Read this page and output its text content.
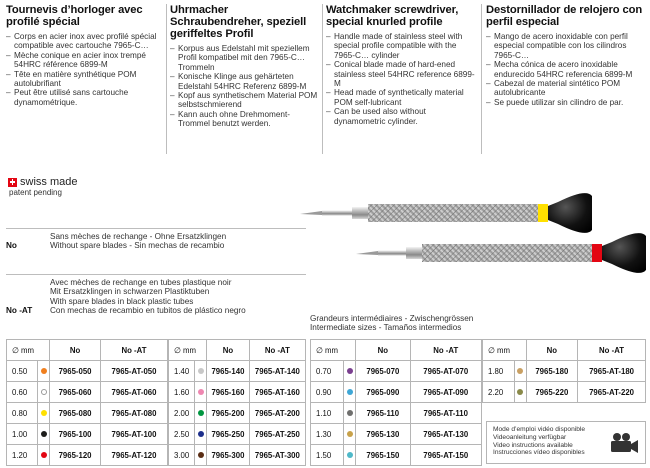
Tournevis d’horloger avec profilé spécial
– Corps en acier inox avec profilé spécial compatible avec cartouche 7965-C…
– Mèche conique en acier inox trempé 54HRC référence 6899-M
– Tête en matière synthétique POM autolubrifiant
– Peut être utilisé sans cartouche dynamométrique.
Uhrmacher Schraubendreher, speziell geriffeltes Profil
– Korpus aus Edelstahl mit speziellem Profil kompatibel mit den 7965-C… Trommeln
– Konische Klinge aus gehärteten Edelstahl 54HRC Referenz 6899-M
– Kopf aus synthetischem Material POM selbstschmierend
– Kann auch ohne Drehmoment-Trommel benutzt werden.
Watchmaker screwdriver, special knurled profile
– Handle made of stainless steel with special profile compatible with the 7965-C… cylinder
– Conical blade made of hard-ened stainless steel 54HRC reference 6899-M
– Head made of synthetically material POM self-lubricant
– Can be used also without dynamometric cylinder.
Destornillador de relojero con perfil especial
– Mango de acero inoxidable con perfil especial compatible con los cilindros 7965-C…
– Mecha cónica de acero inoxidable endurecido 54HRC referencia 6899-M
– Cabezal de material sintético POM autolubricante
– Se puede utilizar sin cilindro de par.
swiss made
patent pending
No
Sans mèches de rechange - Ohne Ersatzklingen
Without spare blades - Sin mechas de recambio
No -AT
Avec mèches de rechange en tubes plastique noir
Mit Ersatzklingen in schwarzen Plastiktuben
With spare blades in black plastic tubes
Con mechas de recambio en tubitos de plástico negro
Grandeurs intermédiaires - Zwischengrössen
Intermediate sizes - Tamaños intermedios
∅ mm		No	No -AT
0.50		7965-050	7965-AT-050
0.60		7965-060	7965-AT-060
0.80		7965-080	7965-AT-080
1.00		7965-100	7965-AT-100
1.20		7965-120	7965-AT-120
∅ mm		No	No -AT
1.40		7965-140	7965-AT-140
1.60		7965-160	7965-AT-160
2.00		7965-200	7965-AT-200
2.50		7965-250	7965-AT-250
3.00		7965-300	7965-AT-300
∅ mm		No	No -AT
0.70		7965-070	7965-AT-070
0.90		7965-090	7965-AT-090
1.10		7965-110	7965-AT-110
1.30		7965-130	7965-AT-130
1.50		7965-150	7965-AT-150
∅ mm		No	No -AT
1.80		7965-180	7965-AT-180
2.20		7965-220	7965-AT-220
Mode d’emploi vidéo disponible
Videoanleitung verfügbar
Video instructions available
Instrucciones vídeo disponibles
